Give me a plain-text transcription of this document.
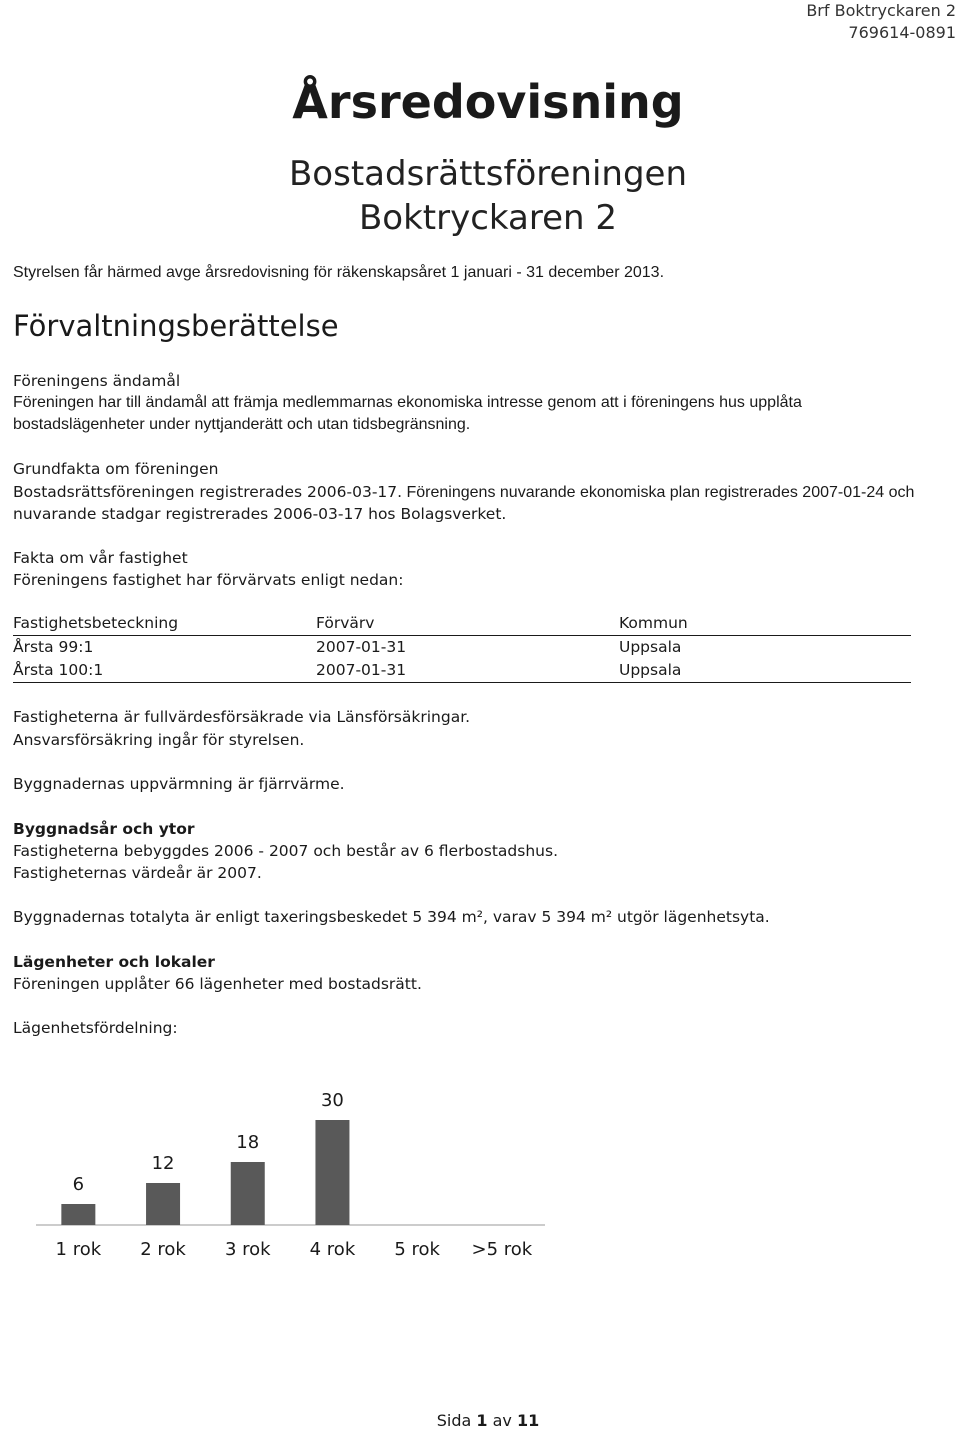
Brf Boktryckaren 2
769614-0891
Årsredovisning
Bostadsrättsföreningen
Boktryckaren 2
Styrelsen får härmed avge årsredovisning för räkenskapsåret 1 januari - 31 december 2013.
Förvaltningsberättelse
Föreningens ändamål
Föreningen har till ändamål att främja medlemmarnas ekonomiska intresse genom att i föreningens hus upplåta
bostadslägenheter under nyttjanderätt och utan tidsbegränsning.
Grundfakta om föreningen
Bostadsrättsföreningen registrerades 2006-03-17. Föreningens nuvarande ekonomiska plan registrerades 2007-01-24 och
nuvarande stadgar registrerades 2006-03-17 hos Bolagsverket.
Fakta om vår fastighet
Föreningens fastighet har förvärvats enligt nedan:
Fastighetsbeteckning	Förvärv	Kommun
Årsta 99:1	2007-01-31	Uppsala
Årsta 100:1	2007-01-31	Uppsala
Fastigheterna är fullvärdesförsäkrade via Länsförsäkringar.
Ansvarsförsäkring ingår för styrelsen.
Byggnadernas uppvärmning är fjärrvärme.
Byggnadsår och ytor
Fastigheterna bebyggdes 2006 - 2007 och består av 6 flerbostadshus.
Fastigheternas värdeår är 2007.
Byggnadernas totalyta är enligt taxeringsbeskedet 5 394 m², varav 5 394 m² utgör lägenhetsyta.
Lägenheter och lokaler
Föreningen upplåter 66 lägenheter med bostadsrätt.
Lägenhetsfördelning:
6
1 rok
12
2 rok
18
3 rok
30
4 rok 5 rok >5 rok
Sida 1 av 11
